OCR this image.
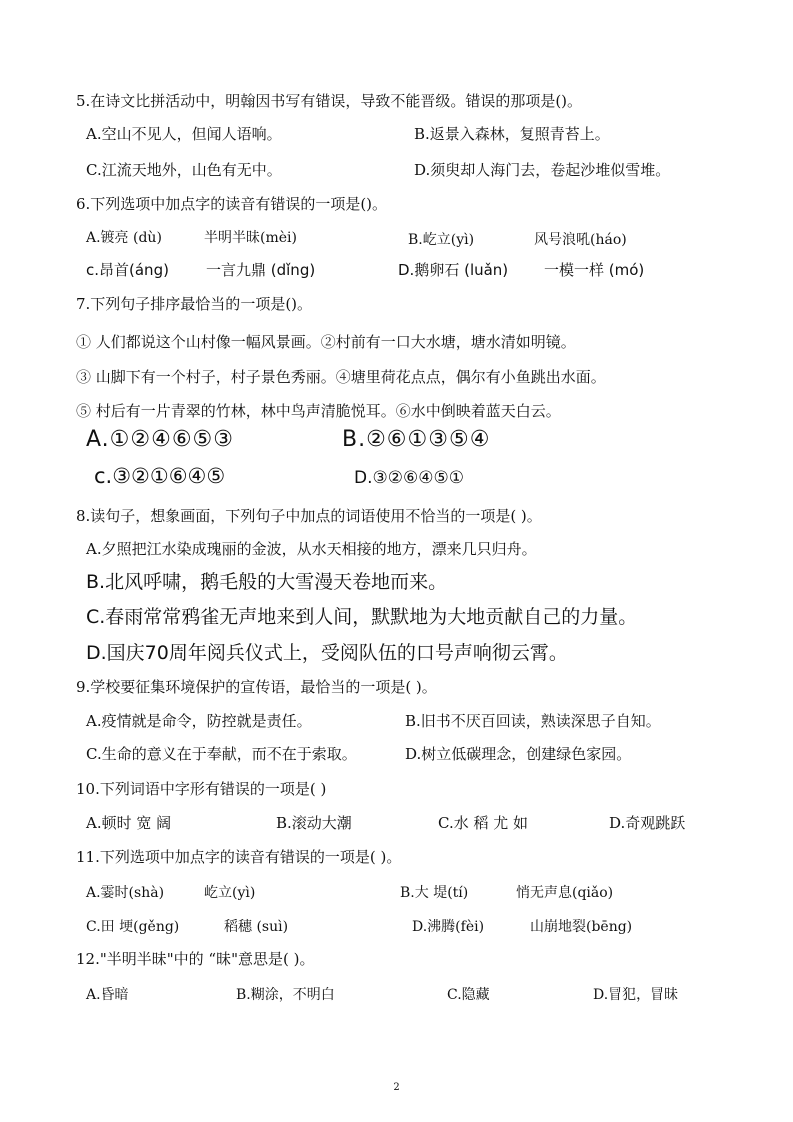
5.在诗文比拼活动中，明翰因书写有错误，导致不能晋级。错误的那项是()。
A.空山不见人，但闻人语响。	B.返景入森林，复照青苔上。
C.江流天地外，山色有无中。	D.须臾却人海门去，卷起沙堆似雪堆。
6.下列选项中加点字的读音有错误的一项是()。
A.镀亮 (dù)	半明半昧(mèi)	B.屹立(yì)	风号浪吼(háo)
c.昂首(áng) 一言九鼎 (dǐng)	D.鹅卵石 (luǎn) 一模一样 (mó)
7.下列句子排序最恰当的一项是()。
① 人们都说这个山村像一幅风景画。②村前有一口大水塘，塘水清如明镜。
③ 山脚下有一个村子，村子景色秀丽。④塘里荷花点点，偶尔有小鱼跳出水面。
⑤ 村后有一片青翠的竹林，林中鸟声清脆悦耳。⑥水中倒映着蓝天白云。
A.①②④⑥⑤③	B.②⑥①③⑤④
c.③②①⑥④⑤	D.③②⑥④⑤①
8.读句子，想象画面，下列句子中加点的词语使用不恰当的一项是( )。
A.夕照把江水染成瑰丽的金波，从水天相接的地方，漂来几只归舟。
B.北风呼啸，鹅毛般的大雪漫天卷地而来。
C.春雨常常鸦雀无声地来到人间，默默地为大地贡献自己的力量。
D.国庆70周年阅兵仪式上，受阅队伍的口号声响彻云霄。
9.学校要征集环境保护的宣传语，最恰当的一项是( )。
A.疫情就是命令，防控就是责任。	B.旧书不厌百回读，熟读深思子自知。
C.生命的意义在于奉献，而不在于索取。	D.树立低碳理念，创建绿色家园。
10.下列词语中字形有错误的一项是( )
A.顿时 宽 阔	B.滚动大潮	C.水 稻 尤 如	D.奇观跳跃
11.下列选项中加点字的读音有错误的一项是( )。
A.霎时(shà)	屹立(yì)	B.大 堤(tí)	悄无声息(qiǎo)
C.田 埂(gěng)	稻穗 (suì)	D.沸腾(fèi)	山崩地裂(bēng)
12."半明半昧"中的 “昧"意思是( )。
A.昏暗	B.糊涂，不明白	C.隐藏	D.冒犯，冒昧
2
